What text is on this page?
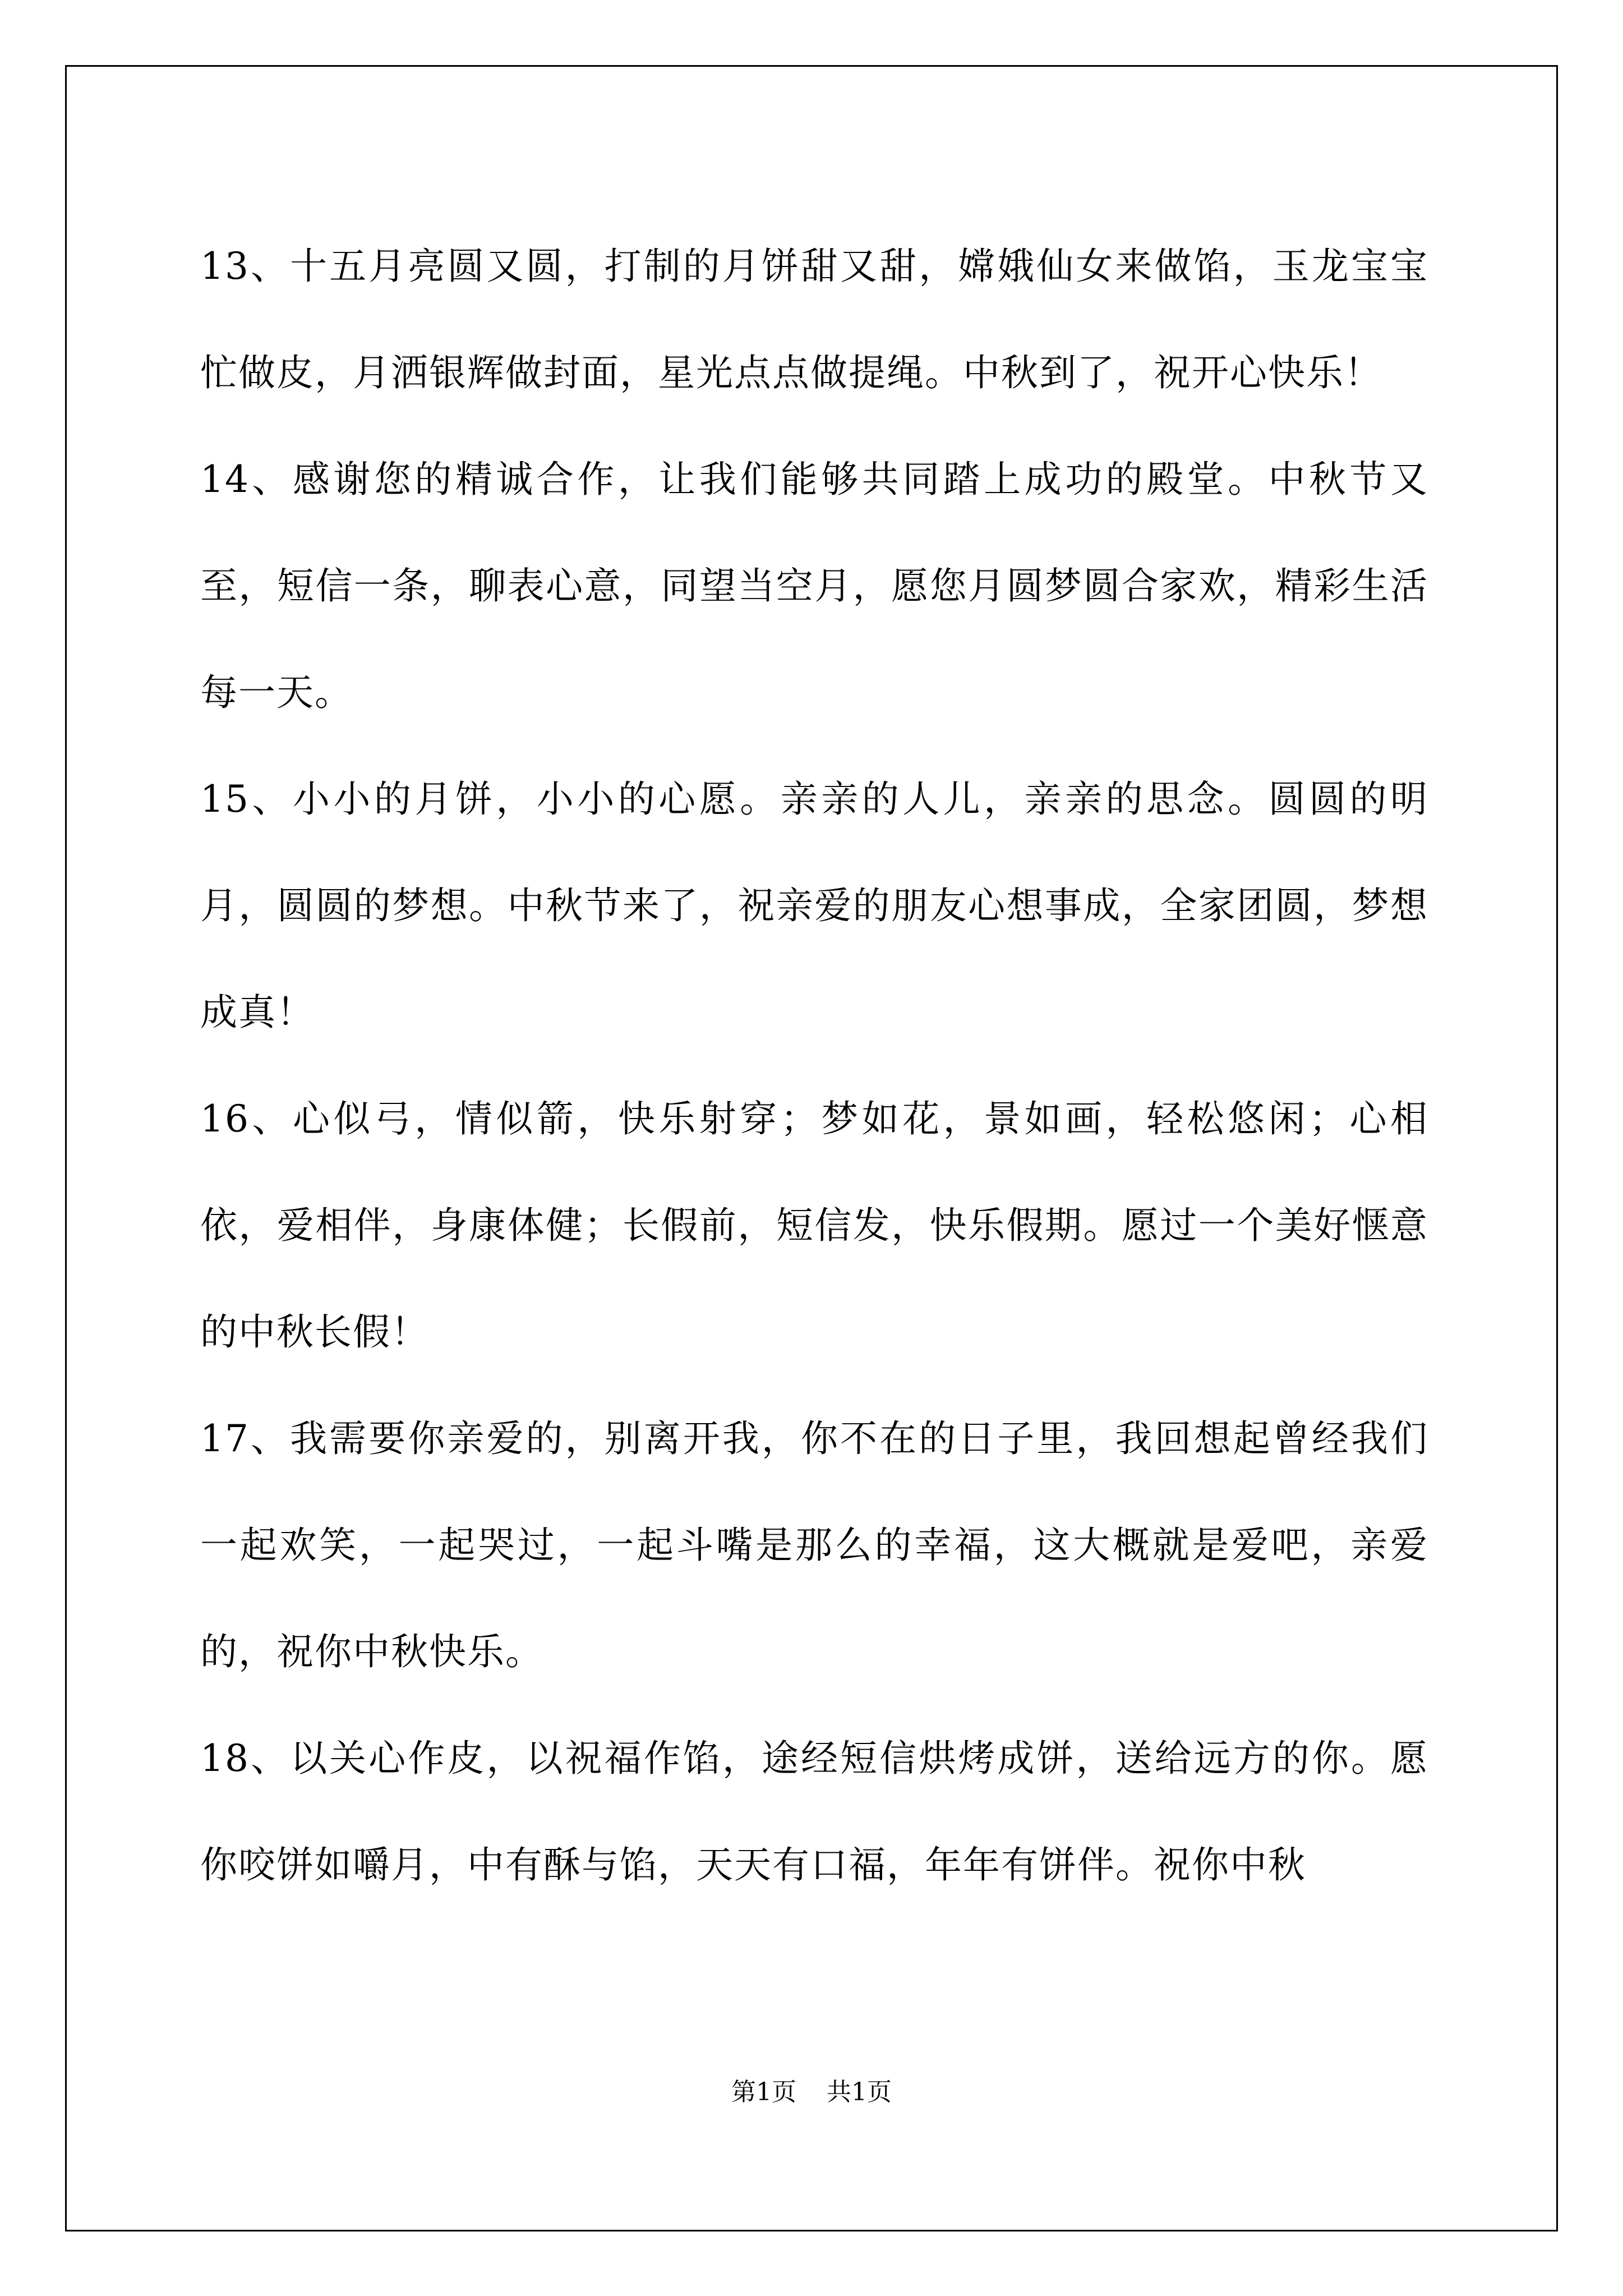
13、十五月亮圆又圆，打制的月饼甜又甜，嫦娥仙女来做馅，玉龙宝宝忙做皮，月洒银辉做封面，星光点点做提绳。中秋到了，祝开心快乐！

14、感谢您的精诚合作，让我们能够共同踏上成功的殿堂。中秋节又至，短信一条，聊表心意，同望当空月，愿您月圆梦圆合家欢，精彩生活每一天。

15、小小的月饼，小小的心愿。亲亲的人儿，亲亲的思念。圆圆的明月，圆圆的梦想。中秋节来了，祝亲爱的朋友心想事成，全家团圆，梦想成真！

16、心似弓，情似箭，快乐射穿；梦如花，景如画，轻松悠闲；心相依，爱相伴，身康体健；长假前，短信发，快乐假期。愿过一个美好惬意的中秋长假！

17、我需要你亲爱的，别离开我，你不在的日子里，我回想起曾经我们一起欢笑，一起哭过，一起斗嘴是那么的幸福，这大概就是爱吧，亲爱的，祝你中秋快乐。

18、以关心作皮，以祝福作馅，途经短信烘烤成饼，送给远方的你。愿你咬饼如嚼月，中有酥与馅，天天有口福，年年有饼伴。祝你中秋

第1页 共1页
